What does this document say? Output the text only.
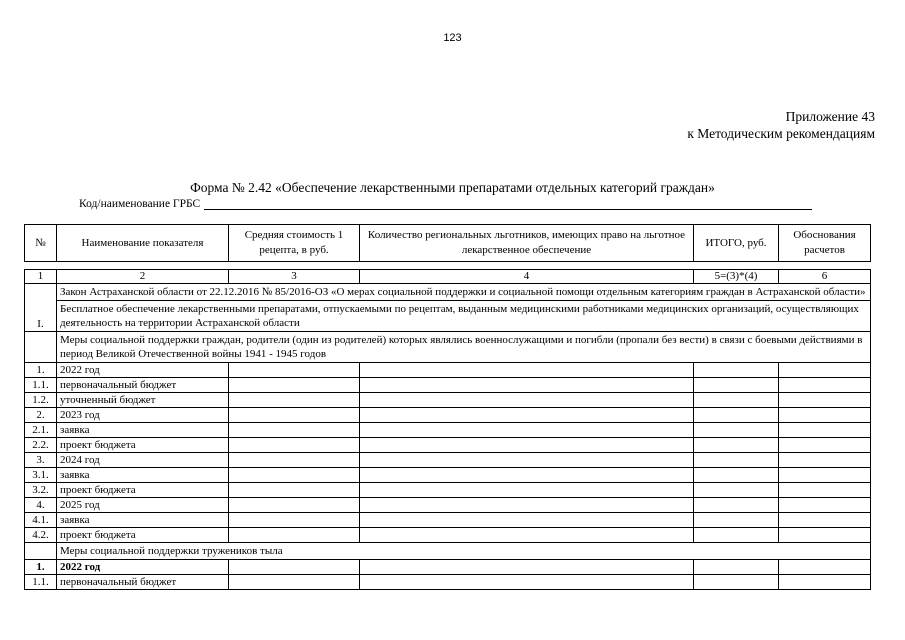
123
Приложение 43
к Методическим рекомендациям
Форма № 2.42 «Обеспечение лекарственными препаратами отдельных категорий граждан»
Код/наименование ГРБС
№	Наименование показателя	Средняя стоимость 1 рецепта, в руб.	Количество региональных льготников, имеющих право на льготное лекарственное обеспечение	ИТОГО, руб.	Обоснования расчетов
1	2	3	4	5=(3)*(4)	6
I.	Закон Астраханской области от 22.12.2016 № 85/2016-ОЗ «О мерах социальной поддержки и социальной помощи отдельным категориям граждан в Астраханской области»				
	Бесплатное обеспечение лекарственными препаратами, отпускаемыми по рецептам, выданным медицинскими работниками медицинских организаций, осуществляющих деятельность на территории Астраханской области				
	Меры социальной поддержки граждан, родители (один из родителей) которых являлись военнослужащими и погибли (пропали без вести) в связи с боевыми действиями в период Великой Отечественной войны 1941 - 1945 годов				
1.	2022 год				
1.1.	первоначальный бюджет				
1.2.	уточненный бюджет				
2.	2023 год				
2.1.	заявка				
2.2.	проект бюджета				
3.	2024 год				
3.1.	заявка				
3.2.	проект бюджета				
4.	2025 год				
4.1.	заявка				
4.2.	проект бюджета				
	Меры социальной поддержки тружеников тыла				
1.	2022 год				
1.1.	первоначальный бюджет				
